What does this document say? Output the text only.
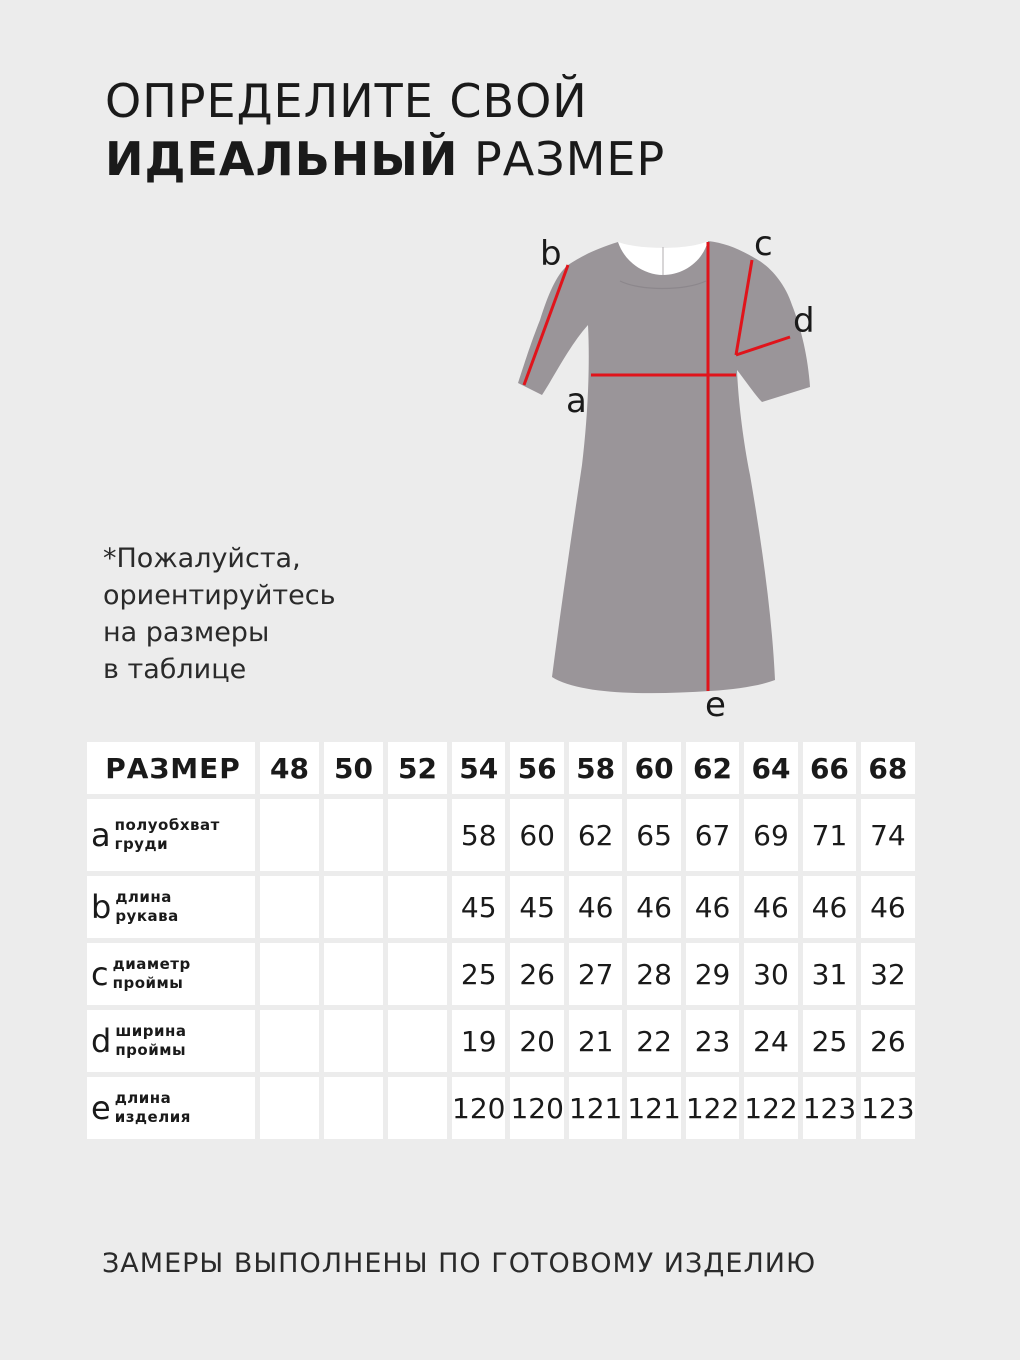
ОПРЕДЕЛИТЕ СВОЙ
ИДЕАЛЬНЫЙ РАЗМЕР
*Пожалуйста,
ориентируйтесь
на размеры
в таблице
b	c
d
a
e
РАЗМЕР	48	50	52	54	56	58	60	62	64	66	68

a полуобхват
груди				58	60	62	65	67	69	71	74

b длина
рукава				45	45	46	46	46	46	46	46

c диаметр
проймы				25	26	27	28	29	30	31	32

d ширина
проймы				19	20	21	22	23	24	25	26

e длина
изделия				120	120	121	121	122	122	123	123
ЗАМЕРЫ ВЫПОЛНЕНЫ ПО ГОТОВОМУ ИЗДЕЛИЮ
